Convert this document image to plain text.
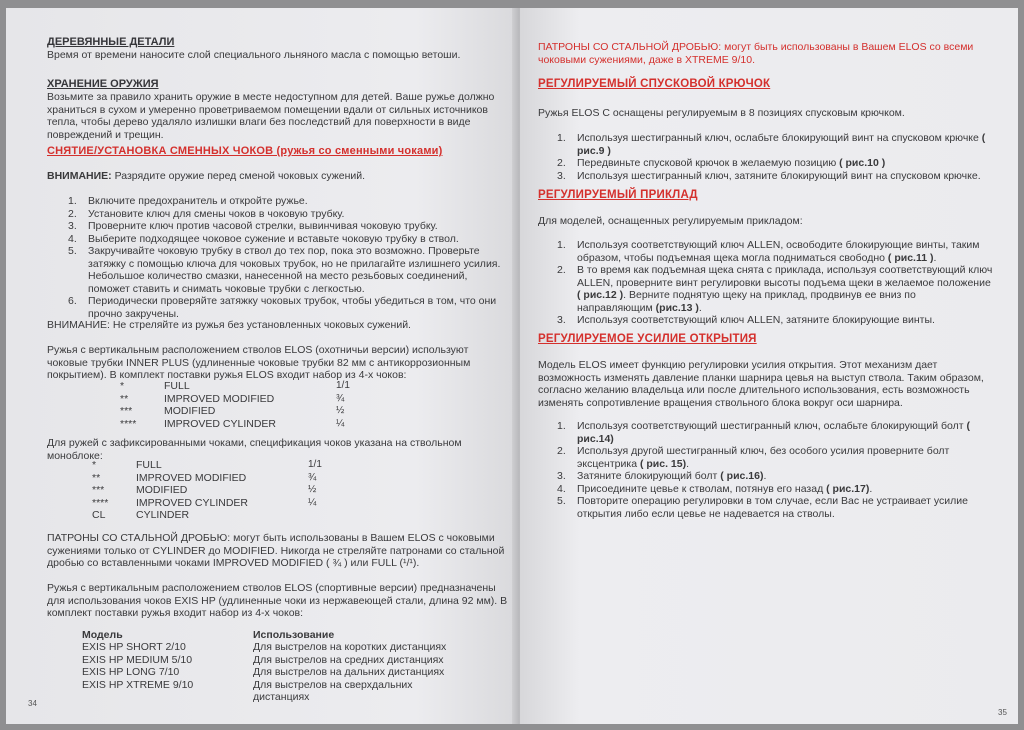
ДЕРЕВЯННЫЕ ДЕТАЛИ
Время от времени наносите слой специального льняного масла с помощью ветоши.
ХРАНЕНИЕ ОРУЖИЯ
Возьмите за правило хранить оружие в месте недоступном для детей. Ваше ружье должно храниться в сухом и умеренно проветриваемом помещении вдали от сильных источников тепла, чтобы дерево удаляло излишки влаги без последствий для поверхности в виде повреждений и трещин.
СНЯТИЕ/УСТАНОВКА СМЕННЫХ ЧОКОВ (ружья со сменными чоками)
ВНИМАНИЕ: Разрядите оружие перед сменой чоковых сужений.
1. Включите предохранитель и откройте ружье.
2. Установите ключ для смены чоков в чоковую трубку.
3. Проверните ключ против часовой стрелки, вывинчивая чоковую трубку.
4. Выберите подходящее чоковое сужение и вставьте чоковую трубку в ствол.
5. Закручивайте чоковую трубку в ствол до тех пор, пока это возможно. Проверьте затяжку с помощью ключа для чоковых трубок, но не прилагайте излишнего усилия. Небольшое количество смазки, нанесенной на место резьбовых соединений, поможет ставить и снимать чоковые трубки с легкостью.
6. Периодически проверяйте затяжку чоковых трубок, чтобы убедиться в том, что они прочно закручены.
ВНИМАНИЕ: Не стреляйте из ружья без установленных чоковых сужений.
Ружья с вертикальным расположением стволов ELOS (охотничьи версии) используют чоковые трубки INNER PLUS (удлиненные чоковые трубки 82 мм с антикоррозионным покрытием). В комплект поставки ружья ELOS входит набор из 4-х чоков:
*	FULL	1/1
**	IMPROVED MODIFIED	¾
***	MODIFIED	½
****	IMPROVED CYLINDER	¼
Для ружей с зафиксированными чоками, спецификация чоков указана на ствольном моноблоке:
*	FULL	1/1
**	IMPROVED MODIFIED	¾
***	MODIFIED	½
****	IMPROVED CYLINDER	¼
CL	CYLINDER
ПАТРОНЫ СО СТАЛЬНОЙ ДРОБЬЮ: могут быть использованы в Вашем ELOS с чоковыми сужениями только от CYLINDER до MODIFIED. Никогда не стреляйте патронами со стальной дробью со вставленными чоками IMPROVED MODIFIED ( ¾ ) или FULL (¹/¹).
Ружья с вертикальным расположением стволов ELOS (спортивные версии) предназначены для использования чоков EXIS HP (удлиненные чоки из нержавеющей стали, длина 92 мм). В комплект поставки ружья входит набор из 4-х чоков:
Модель	Использование
EXIS HP SHORT 2/10	Для выстрелов на коротких дистанциях
EXIS HP MEDIUM 5/10	Для выстрелов на средних дистанциях
EXIS HP LONG 7/10	Для выстрелов на дальних дистанциях
EXIS HP XTREME 9/10	Для выстрелов на сверхдальних дистанциях
34
ПАТРОНЫ СО СТАЛЬНОЙ ДРОБЬЮ: могут быть использованы в Вашем ELOS со всеми чоковыми сужениями, даже в XTREME 9/10.
РЕГУЛИРУЕМЫЙ СПУСКОВОЙ КРЮЧОК
Ружья ELOS C оснащены регулируемым в 8 позициях спусковым крючком.
1. Используя шестигранный ключ, ослабьте блокирующий винт на спусковом крючке ( рис.9 )
2. Передвиньте спусковой крючок в желаемую позицию ( рис.10 )
3. Используя шестигранный ключ, затяните блокирующий винт на спусковом крючке.
РЕГУЛИРУЕМЫЙ ПРИКЛАД
Для моделей, оснащенных регулируемым прикладом:
1. Используя соответствующий ключ ALLEN, освободите блокирующие винты, таким образом, чтобы подъемная щека могла подниматься свободно ( рис.11 ).
2. В то время как подъемная щека снята с приклада, используя соответствующий ключ ALLEN, проверните винт регулировки высоты подъема щеки в желаемое положение ( рис.12 ). Верните поднятую щеку на приклад, продвинув ее вниз по направляющим (рис.13 ).
3. Используя соответствующий ключ ALLEN, затяните блокирующие винты.
РЕГУЛИРУЕМОЕ УСИЛИЕ ОТКРЫТИЯ
Модель ELOS имеет функцию регулировки усилия открытия. Этот механизм дает возможность изменять давление планки шарнира цевья на выступ ствола. Таким образом, согласно желанию владельца или после длительного использования, есть возможность изменять сопротивление вращения ствольного блока вокруг оси шарнира.
1. Используя соответствующий шестигранный ключ, ослабьте блокирующий болт ( рис.14)
2. Используя другой шестигранный ключ, без особого усилия проверните болт эксцентрика ( рис. 15).
3. Затяните блокирующий болт ( рис.16).
4. Присоедините цевье к стволам, потянув его назад ( рис.17).
5. Повторите операцию регулировки в том случае, если Вас не устраивает усилие открытия либо если цевье не надевается на стволы.
35
